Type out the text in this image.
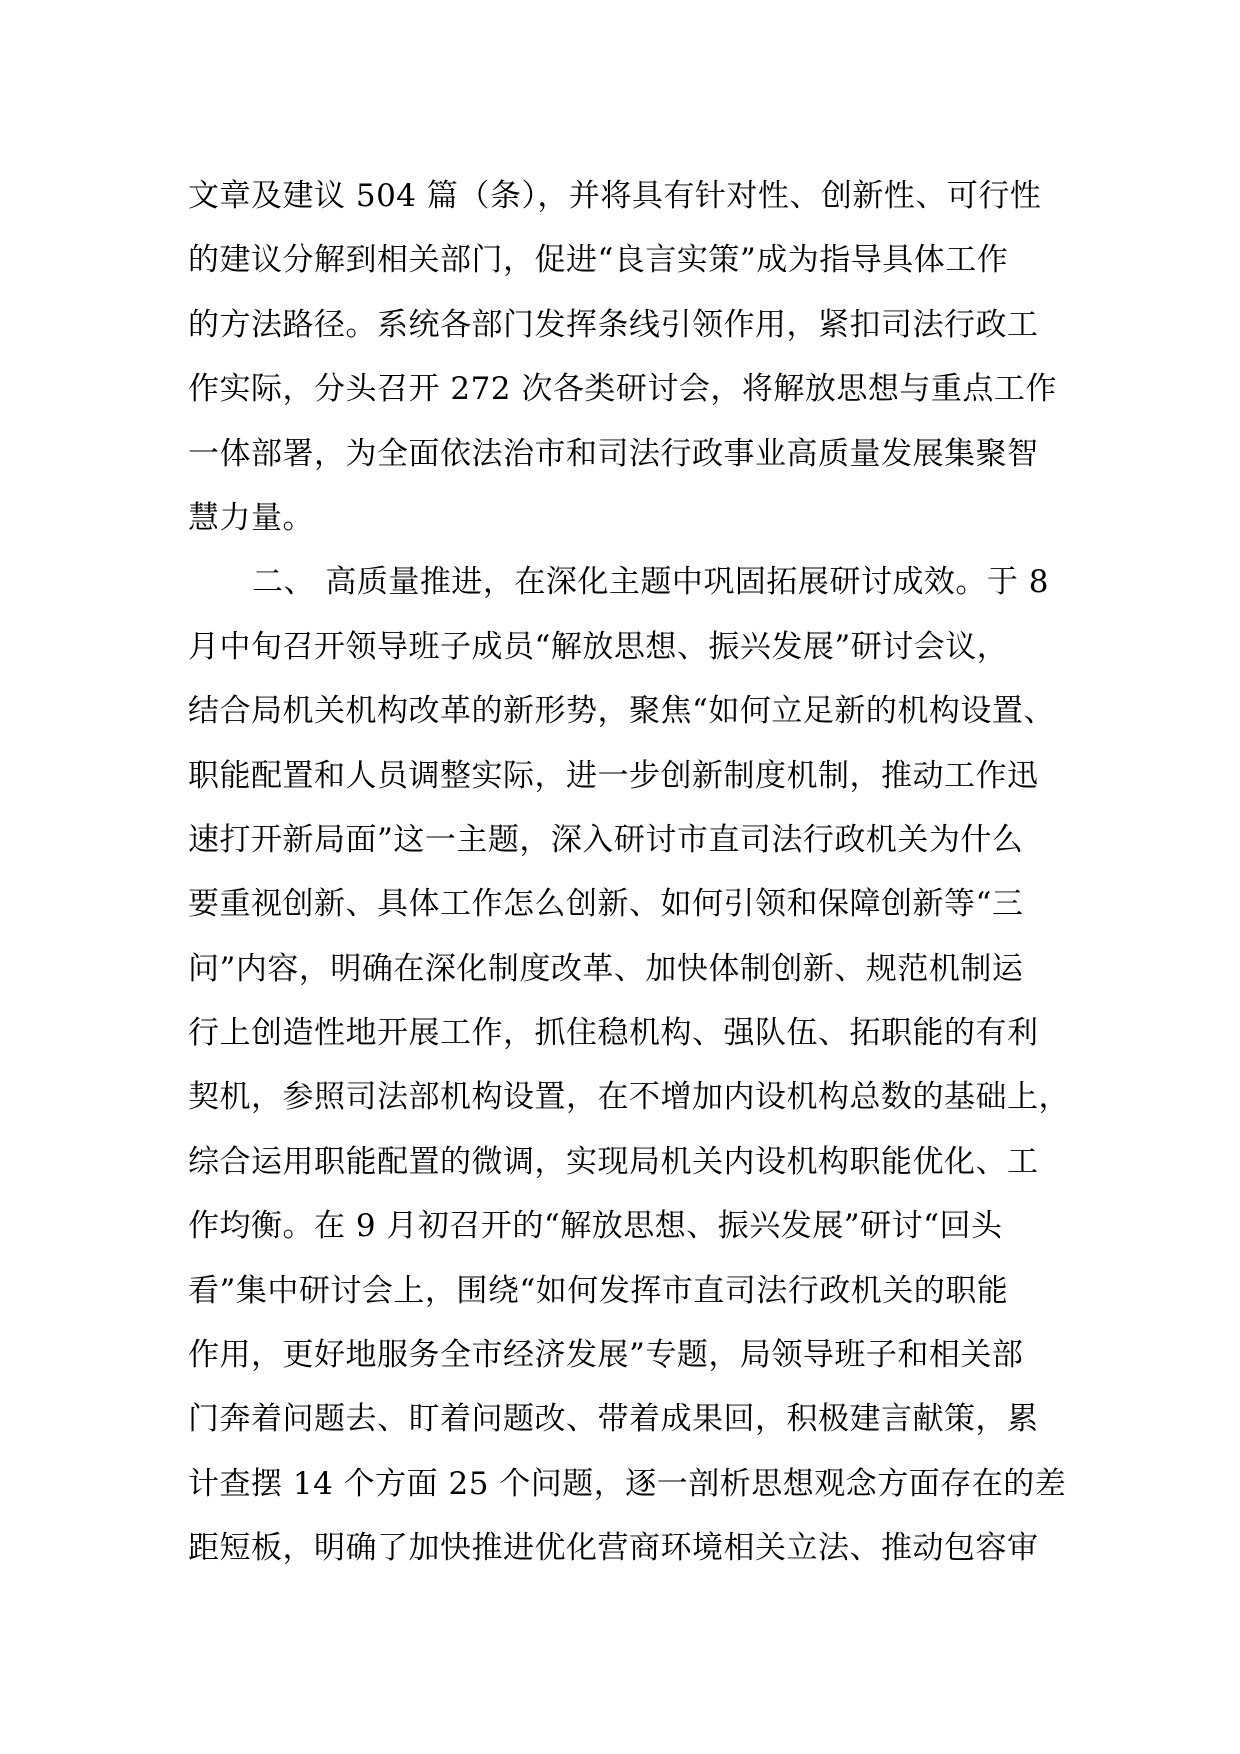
文章及建议 504 篇（条），并将具有针对性、创新性、可行性
的建议分解到相关部门，促进“良言实策”成为指导具体工作
的方法路径。系统各部门发挥条线引领作用，紧扣司法行政工
作实际，分头召开 272 次各类研讨会，将解放思想与重点工作
一体部署，为全面依法治市和司法行政事业高质量发展集聚智
慧力量。
二、 高质量推进，在深化主题中巩固拓展研讨成效。于 8
月中旬召开领导班子成员“解放思想、振兴发展”研讨会议，
结合局机关机构改革的新形势，聚焦“如何立足新的机构设置、
职能配置和人员调整实际，进一步创新制度机制，推动工作迅
速打开新局面”这一主题，深入研讨市直司法行政机关为什么
要重视创新、具体工作怎么创新、如何引领和保障创新等“三
问”内容，明确在深化制度改革、加快体制创新、规范机制运
行上创造性地开展工作，抓住稳机构、强队伍、拓职能的有利
契机，参照司法部机构设置，在不增加内设机构总数的基础上，
综合运用职能配置的微调，实现局机关内设机构职能优化、工
作均衡。在 9 月初召开的“解放思想、振兴发展”研讨“回头
看”集中研讨会上，围绕“如何发挥市直司法行政机关的职能
作用，更好地服务全市经济发展”专题，局领导班子和相关部
门奔着问题去、盯着问题改、带着成果回，积极建言献策，累
计查摆 14 个方面 25 个问题，逐一剖析思想观念方面存在的差
距短板，明确了加快推进优化营商环境相关立法、推动包容审
